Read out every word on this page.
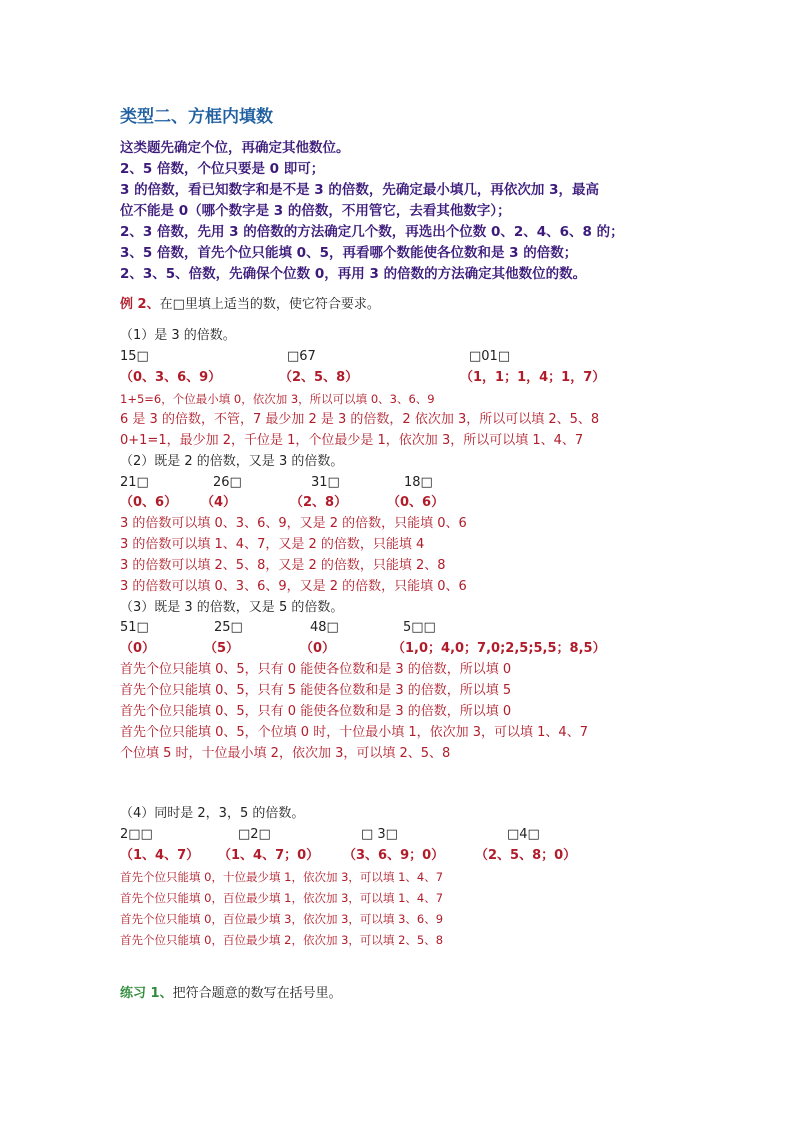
类型二、方框内填数
这类题先确定个位，再确定其他数位。
2、5 倍数，个位只要是 0 即可；
3 的倍数，看已知数字和是不是 3 的倍数，先确定最小填几，再依次加 3，最高
位不能是 0（哪个数字是 3 的倍数，不用管它，去看其他数字）；
2、3 倍数，先用 3 的倍数的方法确定几个数，再选出个位数 0、2、4、6、8 的；
3、5 倍数，首先个位只能填 0、5，再看哪个数能使各位数和是 3 的倍数；
2、3、5、倍数，先确保个位数 0，再用 3 的倍数的方法确定其他数位的数。
例 2、在□里填上适当的数，使它符合要求。
（1）是 3 的倍数。
15□	□67	□01□
（0、3、6、9）	（2、5、8）	（1，1；1，4；1，7）
1+5=6，个位最小填 0，依次加 3，所以可以填 0、3、6、9
6 是 3 的倍数，不管，7 最少加 2 是 3 的倍数，2 依次加 3，所以可以填 2、5、8
0+1=1，最少加 2，千位是 1，个位最少是 1，依次加 3，所以可以填 1、4、7
（2）既是 2 的倍数，又是 3 的倍数。
21□	26□	31□	18□
（0、6） （4）	（2、8）	（0、6）
3 的倍数可以填 0、3、6、9，又是 2 的倍数，只能填 0、6
3 的倍数可以填 1、4、7，又是 2 的倍数，只能填 4
3 的倍数可以填 2、5、8，又是 2 的倍数，只能填 2、8
3 的倍数可以填 0、3、6、9，又是 2 的倍数，只能填 0、6
（3）既是 3 的倍数，又是 5 的倍数。
51□	25□	48□	5□□
（0）	（5）	（0）	（1,0；4,0；7,0;2,5;5,5；8,5）
首先个位只能填 0、5，只有 0 能使各位数和是 3 的倍数，所以填 0
首先个位只能填 0、5，只有 5 能使各位数和是 3 的倍数，所以填 5
首先个位只能填 0、5，只有 0 能使各位数和是 3 的倍数，所以填 0
首先个位只能填 0、5，个位填 0 时，十位最小填 1，依次加 3，可以填 1、4、7
个位填 5 时，十位最小填 2，依次加 3，可以填 2、5、8
（4）同时是 2，3，5 的倍数。
2□□	□2□	□ 3□	□4□
（1、4、7） （1、4、7；0） （3、6、9；0） （2、5、8；0）
首先个位只能填 0，十位最少填 1，依次加 3，可以填 1、4、7
首先个位只能填 0，百位最少填 1，依次加 3，可以填 1、4、7
首先个位只能填 0，百位最少填 3，依次加 3，可以填 3、6、9
首先个位只能填 0，百位最少填 2，依次加 3，可以填 2、5、8
练习 1、把符合题意的数写在括号里。
